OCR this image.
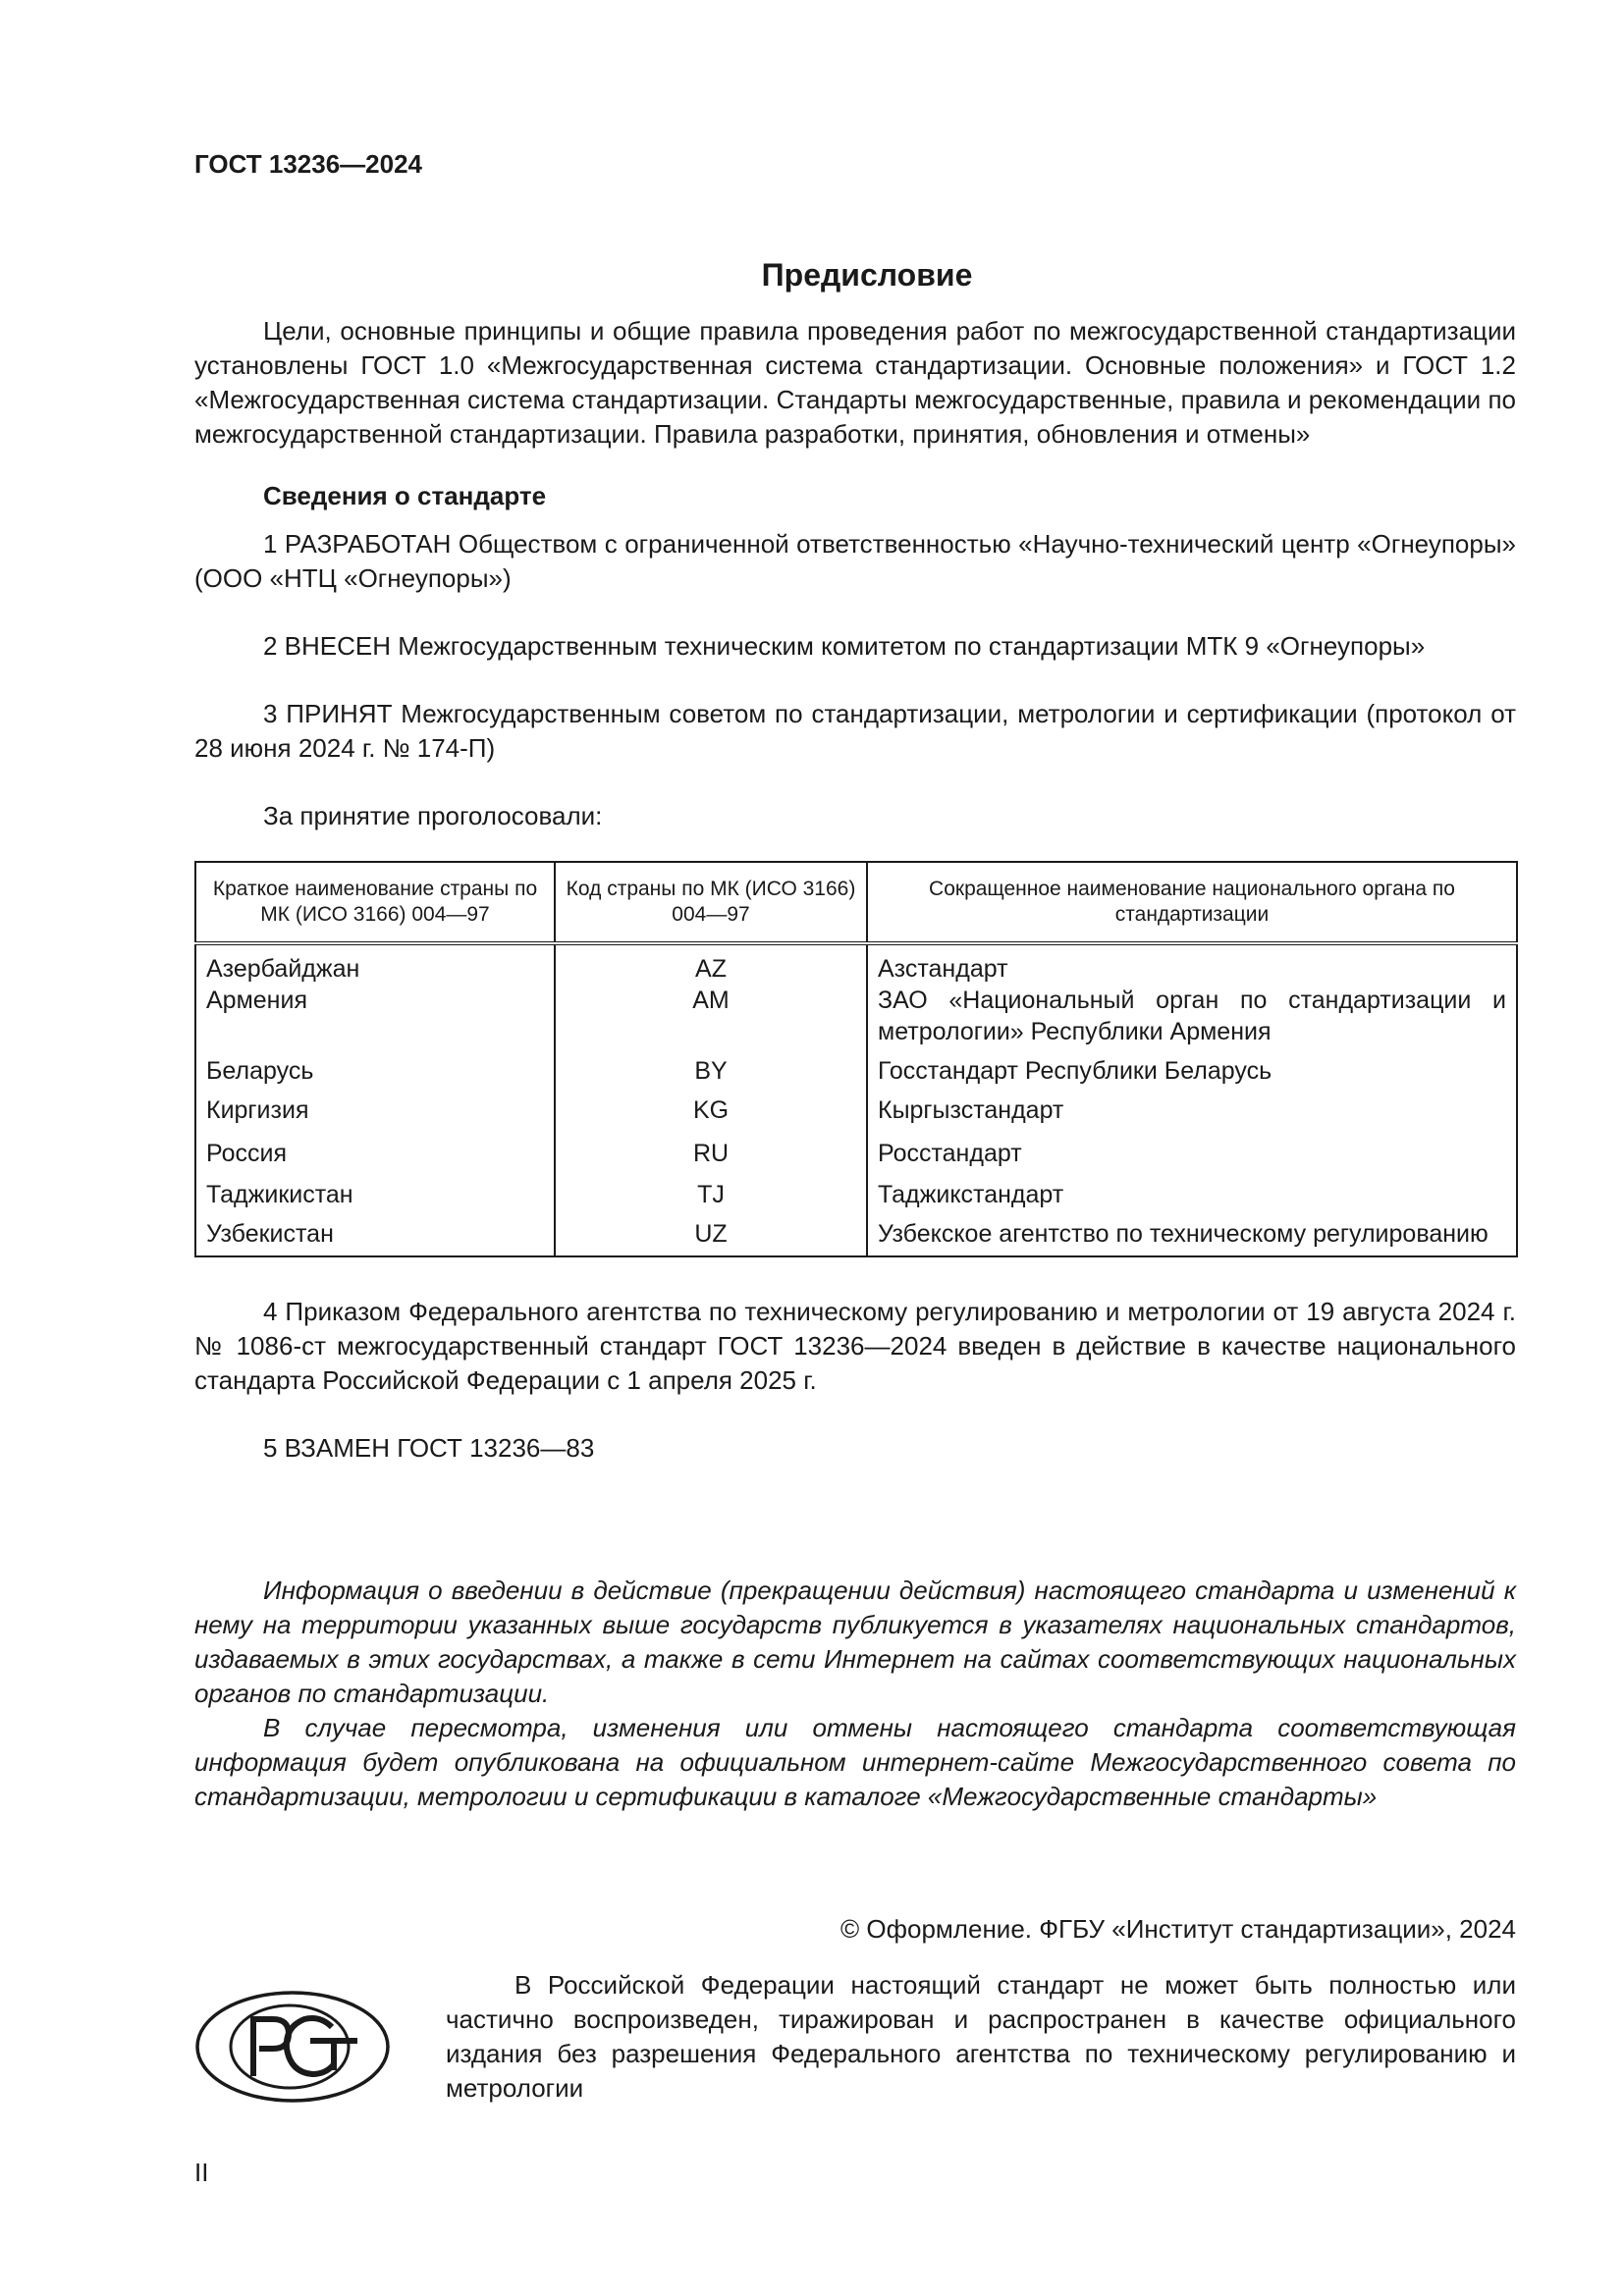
ГОСТ 13236—2024

Предисловие

Цели, основные принципы и общие правила проведения работ по межгосударственной стандартизации установлены ГОСТ 1.0 «Межгосударственная система стандартизации. Основные положения» и ГОСТ 1.2 «Межгосударственная система стандартизации. Стандарты межгосударственные, правила и рекомендации по межгосударственной стандартизации. Правила разработки, принятия, обновления и отмены»

Сведения о стандарте

1 РАЗРАБОТАН Обществом с ограниченной ответственностью «Научно-технический центр «Огнеупоры» (ООО «НТЦ «Огнеупоры»)

2 ВНЕСЕН Межгосударственным техническим комитетом по стандартизации МТК 9 «Огнеупоры»

3 ПРИНЯТ Межгосударственным советом по стандартизации, метрологии и сертификации (протокол от 28 июня 2024 г. № 174-П)

За принятие проголосовали:

Краткое наименование страны по МК (ИСО 3166) 004—97	Код страны по МК (ИСО 3166) 004—97	Сокращенное наименование национального органа по стандартизации
Азербайджан	AZ	Азстандарт
Армения	AM	ЗАО «Национальный орган по стандартизации и метрологии» Республики Армения
Беларусь	BY	Госстандарт Республики Беларусь
Киргизия	KG	Кыргызстандарт
Россия	RU	Росстандарт
Таджикистан	TJ	Таджикстандарт
Узбекистан	UZ	Узбекское агентство по техническому регулированию

4 Приказом Федерального агентства по техническому регулированию и метрологии от 19 августа 2024 г. № 1086-ст межгосударственный стандарт ГОСТ 13236—2024 введен в действие в качестве национального стандарта Российской Федерации с 1 апреля 2025 г.

5 ВЗАМЕН ГОСТ 13236—83

Информация о введении в действие (прекращении действия) настоящего стандарта и изменений к нему на территории указанных выше государств публикуется в указателях национальных стандартов, издаваемых в этих государствах, а также в сети Интернет на сайтах соответствующих национальных органов по стандартизации.

В случае пересмотра, изменения или отмены настоящего стандарта соответствующая информация будет опубликована на официальном интернет-сайте Межгосударственного совета по стандартизации, метрологии и сертификации в каталоге «Межгосударственные стандарты»

© Оформление. ФГБУ «Институт стандартизации», 2024

В Российской Федерации настоящий стандарт не может быть полностью или частично воспроизведен, тиражирован и распространен в качестве официального издания без разрешения Федерального агентства по техническому регулированию и метрологии

II
